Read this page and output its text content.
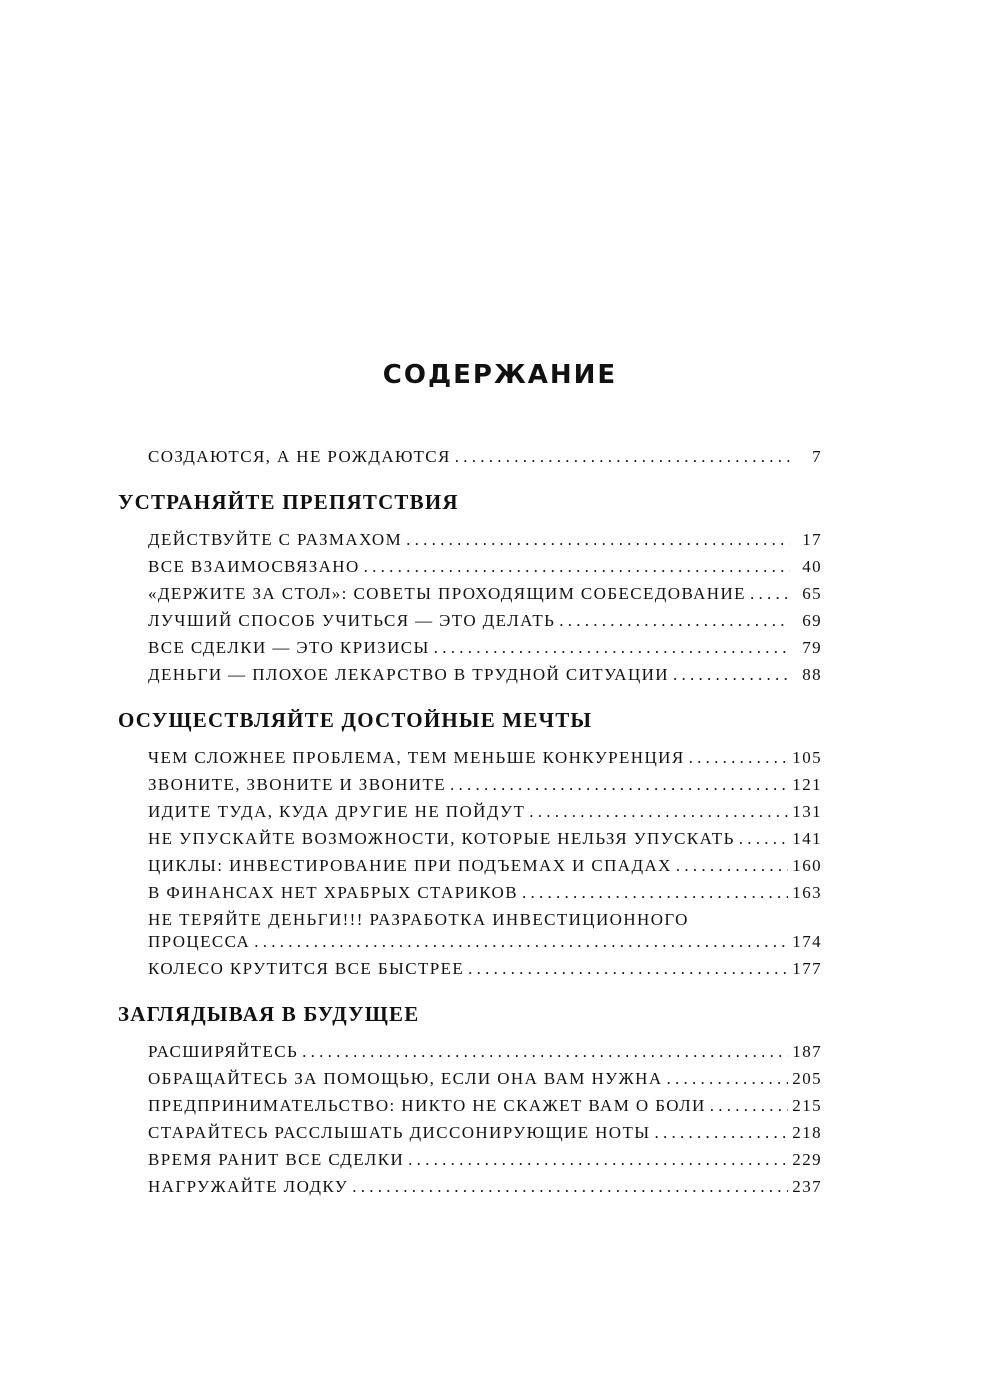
СОДЕРЖАНИЕ
СОЗДАЮТСЯ, А НЕ РОЖДАЮТСЯ . . .	7
УСТРАНЯЙТЕ ПРЕПЯТСТВИЯ
ДЕЙСТВУЙТЕ С РАЗМАХОМ . . .	17
ВСЕ ВЗАИМОСВЯЗАНО . . .	40
«ДЕРЖИТЕ ЗА СТОЛ»: СОВЕТЫ ПРОХОДЯЩИМ СОБЕСЕДОВАНИЕ . . .	65
ЛУЧШИЙ СПОСОБ УЧИТЬСЯ — ЭТО ДЕЛАТЬ . . .	69
ВСЕ СДЕЛКИ — ЭТО КРИЗИСЫ . . .	79
ДЕНЬГИ — ПЛОХОЕ ЛЕКАРСТВО В ТРУДНОЙ СИТУАЦИИ . . .	88
ОСУЩЕСТВЛЯЙТЕ ДОСТОЙНЫЕ МЕЧТЫ
ЧЕМ СЛОЖНЕЕ ПРОБЛЕМА, ТЕМ МЕНЬШЕ КОНКУРЕНЦИЯ . . .	105
ЗВОНИТЕ, ЗВОНИТЕ И ЗВОНИТЕ . . .	121
ИДИТЕ ТУДА, КУДА ДРУГИЕ НЕ ПОЙДУТ . . .	131
НЕ УПУСКАЙТЕ ВОЗМОЖНОСТИ, КОТОРЫЕ НЕЛЬЗЯ УПУСКАТЬ . . .	141
ЦИКЛЫ: ИНВЕСТИРОВАНИЕ ПРИ ПОДЪЕМАХ И СПАДАХ . . .	160
В ФИНАНСАХ НЕТ ХРАБРЫХ СТАРИКОВ . . .	163
НЕ ТЕРЯЙТЕ ДЕНЬГИ!!! РАЗРАБОТКА ИНВЕСТИЦИОННОГО
ПРОЦЕССА . . .	174
КОЛЕСО КРУТИТСЯ ВСЕ БЫСТРЕЕ . . .	177
ЗАГЛЯДЫВАЯ В БУДУЩЕЕ
РАСШИРЯЙТЕСЬ . . .	187
ОБРАЩАЙТЕСЬ ЗА ПОМОЩЬЮ, ЕСЛИ ОНА ВАМ НУЖНА . . .	205
ПРЕДПРИНИМАТЕЛЬСТВО: НИКТО НЕ СКАЖЕТ ВАМ О БОЛИ . . .	215
СТАРАЙТЕСЬ РАССЛЫШАТЬ ДИССОНИРУЮЩИЕ НОТЫ . . .	218
ВРЕМЯ РАНИТ ВСЕ СДЕЛКИ . . .	229
НАГРУЖАЙТЕ ЛОДКУ . . .	237
